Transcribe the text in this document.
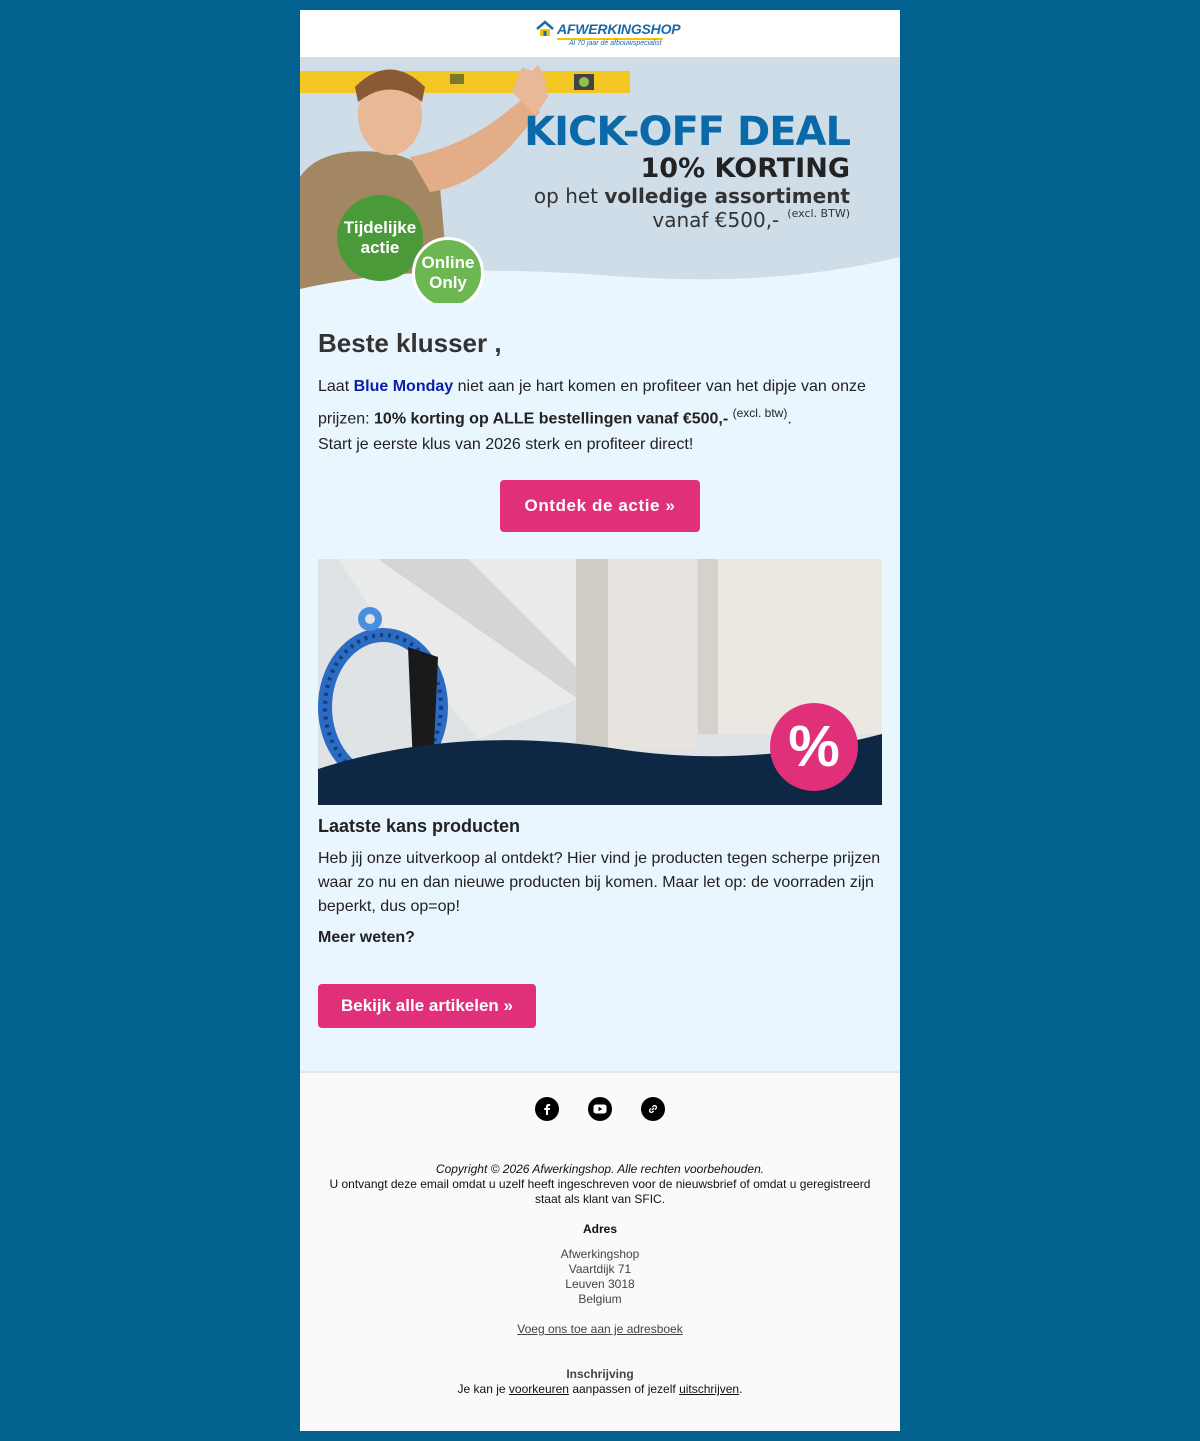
AFWERKINGSHOP
Al 70 jaar dé afbouwspecialist
KICK-OFF DEAL
10% KORTING
op het volledige assortiment
vanaf €500,- $^{(excl. BTW)}$
Tijdelijke actie
Online Only
Beste klusser ,

Laat Blue Monday niet aan je hart komen en profiteer van het dipje van onze prijzen: 10% korting op ALLE bestellingen vanaf €500,- $^{(excl. btw)}$.
Start je eerste klus van 2026 sterk en profiteer direct!

Ontdek de actie »
%
Laatste kans producten

Heb jij onze uitverkoop al ontdekt? Hier vind je producten tegen scherpe prijzen waar zo nu en dan nieuwe producten bij komen. Maar let op: de voorraden zijn beperkt, dus op=op!

Meer weten?

Bekijk alle artikelen »
Copyright © 2026 Afwerkingshop. Alle rechten voorbehouden.
U ontvangt deze email omdat u uzelf heeft ingeschreven voor de nieuwsbrief of omdat u geregistreerd staat als klant van SFIC.
Adres
Afwerkingshop
Vaartdijk 71
Leuven 3018
Belgium
Voeg ons toe aan je adresboek
Inschrijving
Je kan je voorkeuren aanpassen of jezelf uitschrijven.
